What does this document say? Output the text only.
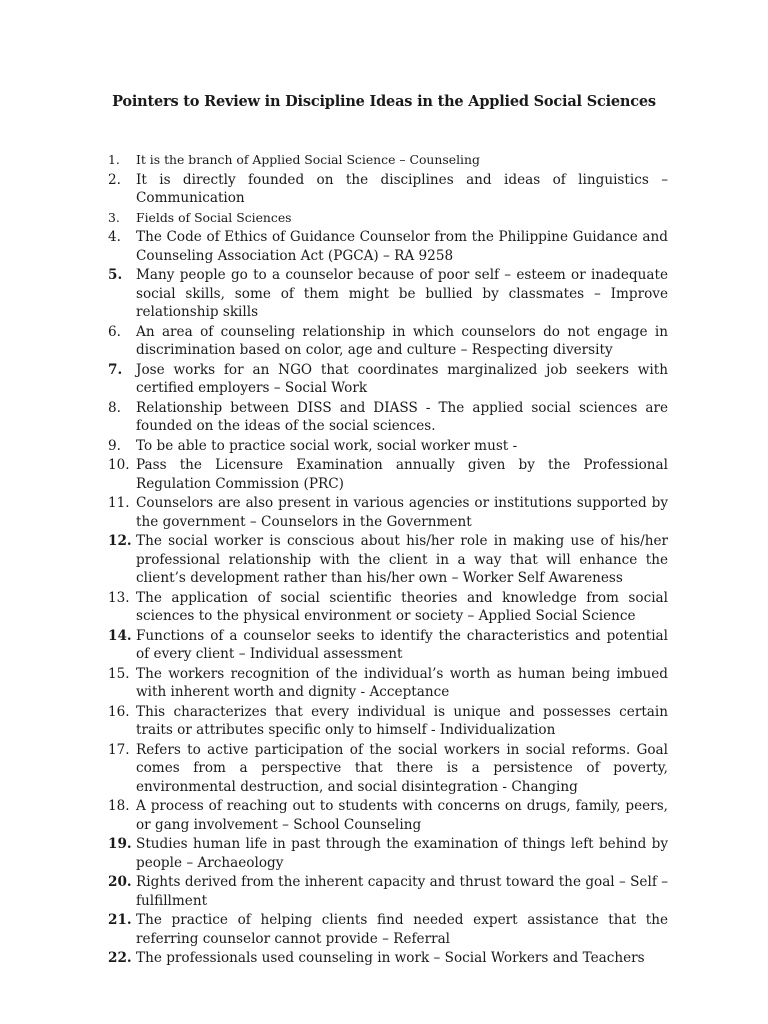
Pointers to Review in Discipline Ideas in the Applied Social Sciences
1.	It is the branch of Applied Social Science – Counseling
2.	It is directly founded on the disciplines and ideas of linguistics – Communication
3.	Fields of Social Sciences
4.	The Code of Ethics of Guidance Counselor from the Philippine Guidance and Counseling Association Act (PGCA) – RA 9258
5.	Many people go to a counselor because of poor self – esteem or inadequate social skills, some of them might be bullied by classmates – Improve relationship skills
6.	An area of counseling relationship in which counselors do not engage in discrimination based on color, age and culture – Respecting diversity
7.	Jose works for an NGO that coordinates marginalized job seekers with certified employers – Social Work
8.	Relationship between DISS and DIASS - The applied social sciences are founded on the ideas of the social sciences.
9.	To be able to practice social work, social worker must -
10. Pass the Licensure Examination annually given by the Professional Regulation Commission (PRC)
11. Counselors are also present in various agencies or institutions supported by the government – Counselors in the Government
12. The social worker is conscious about his/her role in making use of his/her professional relationship with the client in a way that will enhance the client’s development rather than his/her own – Worker Self Awareness
13. The application of social scientific theories and knowledge from social sciences to the physical environment or society – Applied Social Science
14. Functions of a counselor seeks to identify the characteristics and potential of every client – Individual assessment
15. The workers recognition of the individual’s worth as human being imbued with inherent worth and dignity - Acceptance
16. This characterizes that every individual is unique and possesses certain traits or attributes specific only to himself - Individualization
17. Refers to active participation of the social workers in social reforms. Goal comes from a perspective that there is a persistence of poverty, environmental destruction, and social disintegration - Changing
18. A process of reaching out to students with concerns on drugs, family, peers, or gang involvement – School Counseling
19. Studies human life in past through the examination of things left behind by people – Archaeology
20. Rights derived from the inherent capacity and thrust toward the goal – Self – fulfillment
21. The practice of helping clients find needed expert assistance that the referring counselor cannot provide – Referral
22. The professionals used counseling in work – Social Workers and Teachers
